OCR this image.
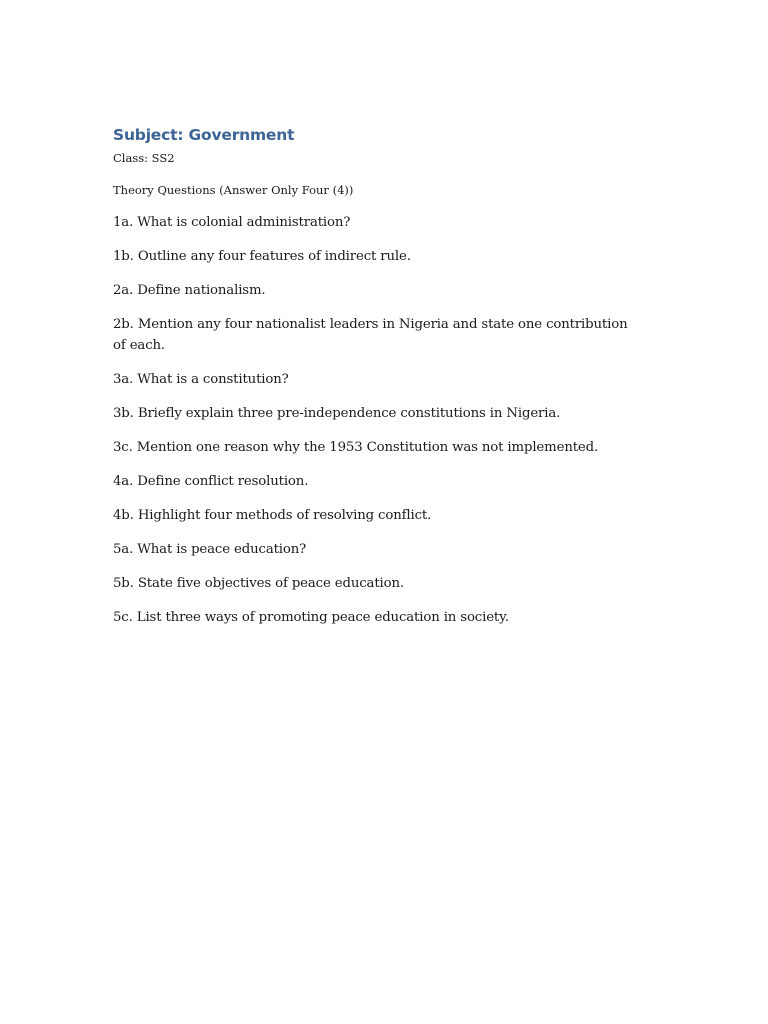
Subject: Government
Class: SS2
Theory Questions (Answer Only Four (4))
1a. What is colonial administration?
1b. Outline any four features of indirect rule.
2a. Define nationalism.
2b. Mention any four nationalist leaders in Nigeria and state one contribution of each.
3a. What is a constitution?
3b. Briefly explain three pre-independence constitutions in Nigeria.
3c. Mention one reason why the 1953 Constitution was not implemented.
4a. Define conflict resolution.
4b. Highlight four methods of resolving conflict.
5a. What is peace education?
5b. State five objectives of peace education.
5c. List three ways of promoting peace education in society.
